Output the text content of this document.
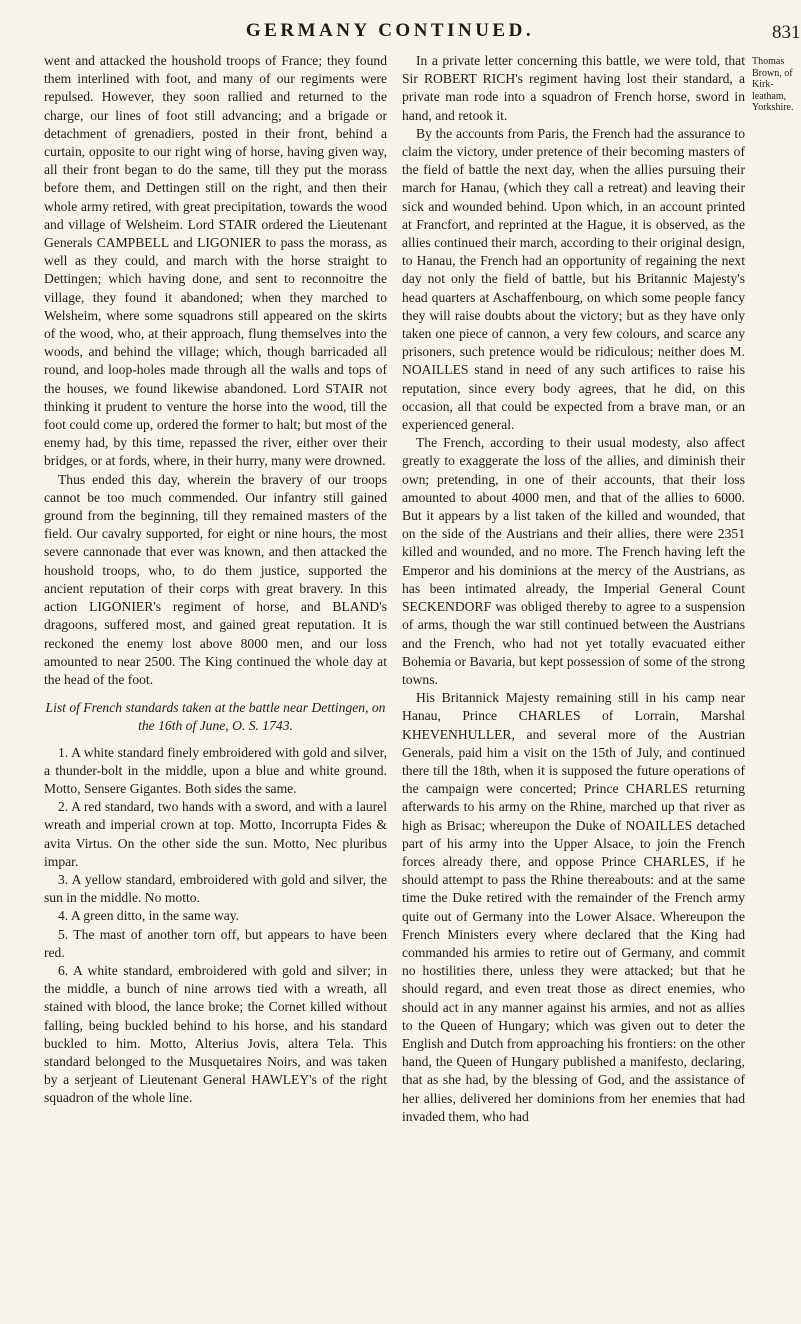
GERMANY CONTINUED.	831

went and attacked the houshold troops of France; they found them interlined with foot, and many of our regiments were repulsed. However, they soon rallied and returned to the charge, our lines of foot still advancing; and a brigade or detachment of grenadiers, posted in their front, behind a curtain, opposite to our right wing of horse, having given way, all their front began to do the same, till they put the morass before them, and Dettingen still on the right, and then their whole army retired, with great precipitation, towards the wood and village of Welsheim. Lord STAIR ordered the Lieutenant Generals CAMPBELL and LIGONIER to pass the morass, as well as they could, and march with the horse straight to Dettingen; which having done, and sent to reconnoitre the village, they found it abandoned; when they marched to Welsheim, where some squadrons still appeared on the skirts of the wood, who, at their approach, flung themselves into the woods, and behind the village; which, though barricaded all round, and loop-holes made through all the walls and tops of the houses, we found likewise abandoned. Lord STAIR not thinking it prudent to venture the horse into the wood, till the foot could come up, ordered the former to halt; but most of the enemy had, by this time, repassed the river, either over their bridges, or at fords, where, in their hurry, many were drowned.

Thus ended this day, wherein the bravery of our troops cannot be too much commended. Our infantry still gained ground from the beginning, till they remained masters of the field. Our cavalry supported, for eight or nine hours, the most severe cannonade that ever was known, and then attacked the houshold troops, who, to do them justice, supported the ancient reputation of their corps with great bravery. In this action LIGONIER's regiment of horse, and BLAND's dragoons, suffered most, and gained great reputation. It is reckoned the enemy lost above 8000 men, and our loss amounted to near 2500. The King continued the whole day at the head of the foot.

List of French standards taken at the battle near Dettingen, on the 16th of June, O. S. 1743.

1. A white standard finely embroidered with gold and silver, a thunder-bolt in the middle, upon a blue and white ground. Motto, Sensere Gigantes. Both sides the same.

2. A red standard, two hands with a sword, and with a laurel wreath and imperial crown at top. Motto, Incorrupta Fides & avita Virtus. On the other side the sun. Motto, Nec pluribus impar.

3. A yellow standard, embroidered with gold and silver, the sun in the middle. No motto.

4. A green ditto, in the same way.

5. The mast of another torn off, but appears to have been red.

6. A white standard, embroidered with gold and silver; in the middle, a bunch of nine arrows tied with a wreath, all stained with blood, the lance broke; the Cornet killed without falling, being buckled behind to his horse, and his standard buckled to him. Motto, Alterius Jovis, altera Tela. This standard belonged to the Musquetaires Noirs, and was taken by a serjeant of Lieutenant General HAWLEY's of the right squadron of the whole line.

In a private letter concerning this battle, we were told, that Sir ROBERT RICH's regiment having lost their standard, a private man rode into a squadron of French horse, sword in hand, and retook it.

By the accounts from Paris, the French had the assurance to claim the victory, under pretence of their becoming masters of the field of battle the next day, when the allies pursuing their march for Hanau, (which they call a retreat) and leaving their sick and wounded behind. Upon which, in an account printed at Francfort, and reprinted at the Hague, it is observed, as the allies continued their march, according to their original design, to Hanau, the French had an opportunity of regaining the next day not only the field of battle, but his Britannic Majesty's head quarters at Aschaffenbourg, on which some people fancy they will raise doubts about the victory; but as they have only taken one piece of cannon, a very few colours, and scarce any prisoners, such pretence would be ridiculous; neither does M. NOAILLES stand in need of any such artifices to raise his reputation, since every body agrees, that he did, on this occasion, all that could be expected from a brave man, or an experienced general.

The French, according to their usual modesty, also affect greatly to exaggerate the loss of the allies, and diminish their own; pretending, in one of their accounts, that their loss amounted to about 4000 men, and that of the allies to 6000. But it appears by a list taken of the killed and wounded, that on the side of the Austrians and their allies, there were 2351 killed and wounded, and no more. The French having left the Emperor and his dominions at the mercy of the Austrians, as has been intimated already, the Imperial General Count SECKENDORF was obliged thereby to agree to a suspension of arms, though the war still continued between the Austrians and the French, who had not yet totally evacuated either Bohemia or Bavaria, but kept possession of some of the strong towns.

His Britannick Majesty remaining still in his camp near Hanau, Prince CHARLES of Lorrain, Marshal KHEVENHULLER, and several more of the Austrian Generals, paid him a visit on the 15th of July, and continued there till the 18th, when it is supposed the future operations of the campaign were concerted; Prince CHARLES returning afterwards to his army on the Rhine, marched up that river as high as Brisac; whereupon the Duke of NOAILLES detached part of his army into the Upper Alsace, to join the French forces already there, and oppose Prince CHARLES, if he should attempt to pass the Rhine thereabouts: and at the same time the Duke retired with the remainder of the French army quite out of Germany into the Lower Alsace. Whereupon the French Ministers every where declared that the King had commanded his armies to retire out of Germany, and commit no hostilities there, unless they were attacked; but that he should regard, and even treat those as direct enemies, who should act in any manner against his armies, and not as allies to the Queen of Hungary; which was given out to deter the English and Dutch from approaching his frontiers: on the other hand, the Queen of Hungary published a manifesto, declaring, that as she had, by the blessing of God, and the assistance of her allies, delivered her dominions from her enemies that had invaded them, who had

Thomas
Brown, of
Kirk-
leatham,
Yorkshire.
